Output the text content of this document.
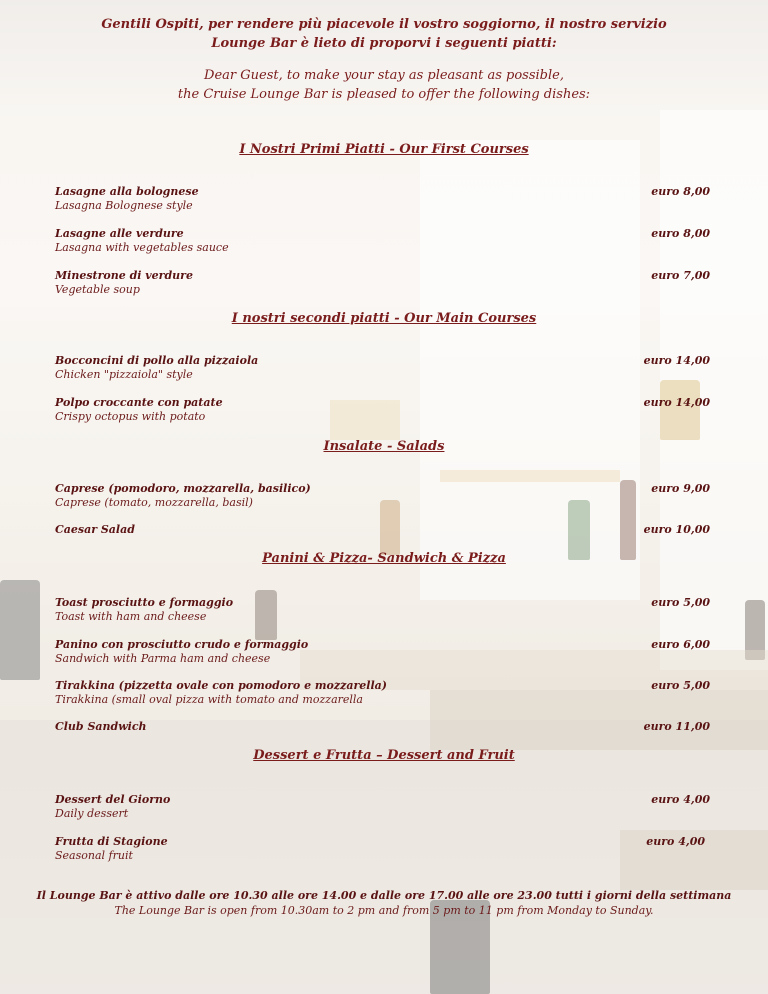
Gentili Ospiti, per rendere più piacevole il vostro soggiorno, il nostro servizio
Lounge Bar è lieto di proporvi i seguenti piatti:
Dear Guest, to make your stay as pleasant as possible,
the Cruise Lounge Bar is pleased to offer the following dishes:
I Nostri Primi Piatti - Our First Courses
Lasagne alla bolognese
Lasagna Bolognese style
euro 8,00
Lasagne alle verdure
Lasagna with vegetables sauce
euro 8,00
Minestrone di verdure
Vegetable soup
euro 7,00
I nostri secondi piatti - Our Main Courses
Bocconcini di pollo alla pizzaiola
Chicken "pizzaiola" style
euro 14,00
Polpo croccante con patate
Crispy octopus with potato
euro 14,00
Insalate - Salads
Caprese (pomodoro, mozzarella, basilico)
Caprese (tomato, mozzarella, basil)
euro 9,00
Caesar Salad	euro 10,00
Panini & Pizza- Sandwich & Pizza
Toast prosciutto e formaggio
Toast with ham and cheese
euro 5,00
Panino con prosciutto crudo e formaggio
Sandwich with Parma ham and cheese
euro 6,00
Tirakkina (pizzetta ovale con pomodoro e mozzarella)
Tirakkina (small oval pizza with tomato and mozzarella
euro 5,00
Club Sandwich	euro 11,00
Dessert e Frutta – Dessert and Fruit
Dessert del Giorno
Daily dessert
euro 4,00
Frutta di Stagione
Seasonal fruit
euro 4,00
Il Lounge Bar è attivo dalle ore 10.30 alle ore 14.00 e dalle ore 17.00 alle ore 23.00 tutti i giorni della settimana
The Lounge Bar is open from 10.30am to 2 pm and from 5 pm to 11 pm from Monday to Sunday.
